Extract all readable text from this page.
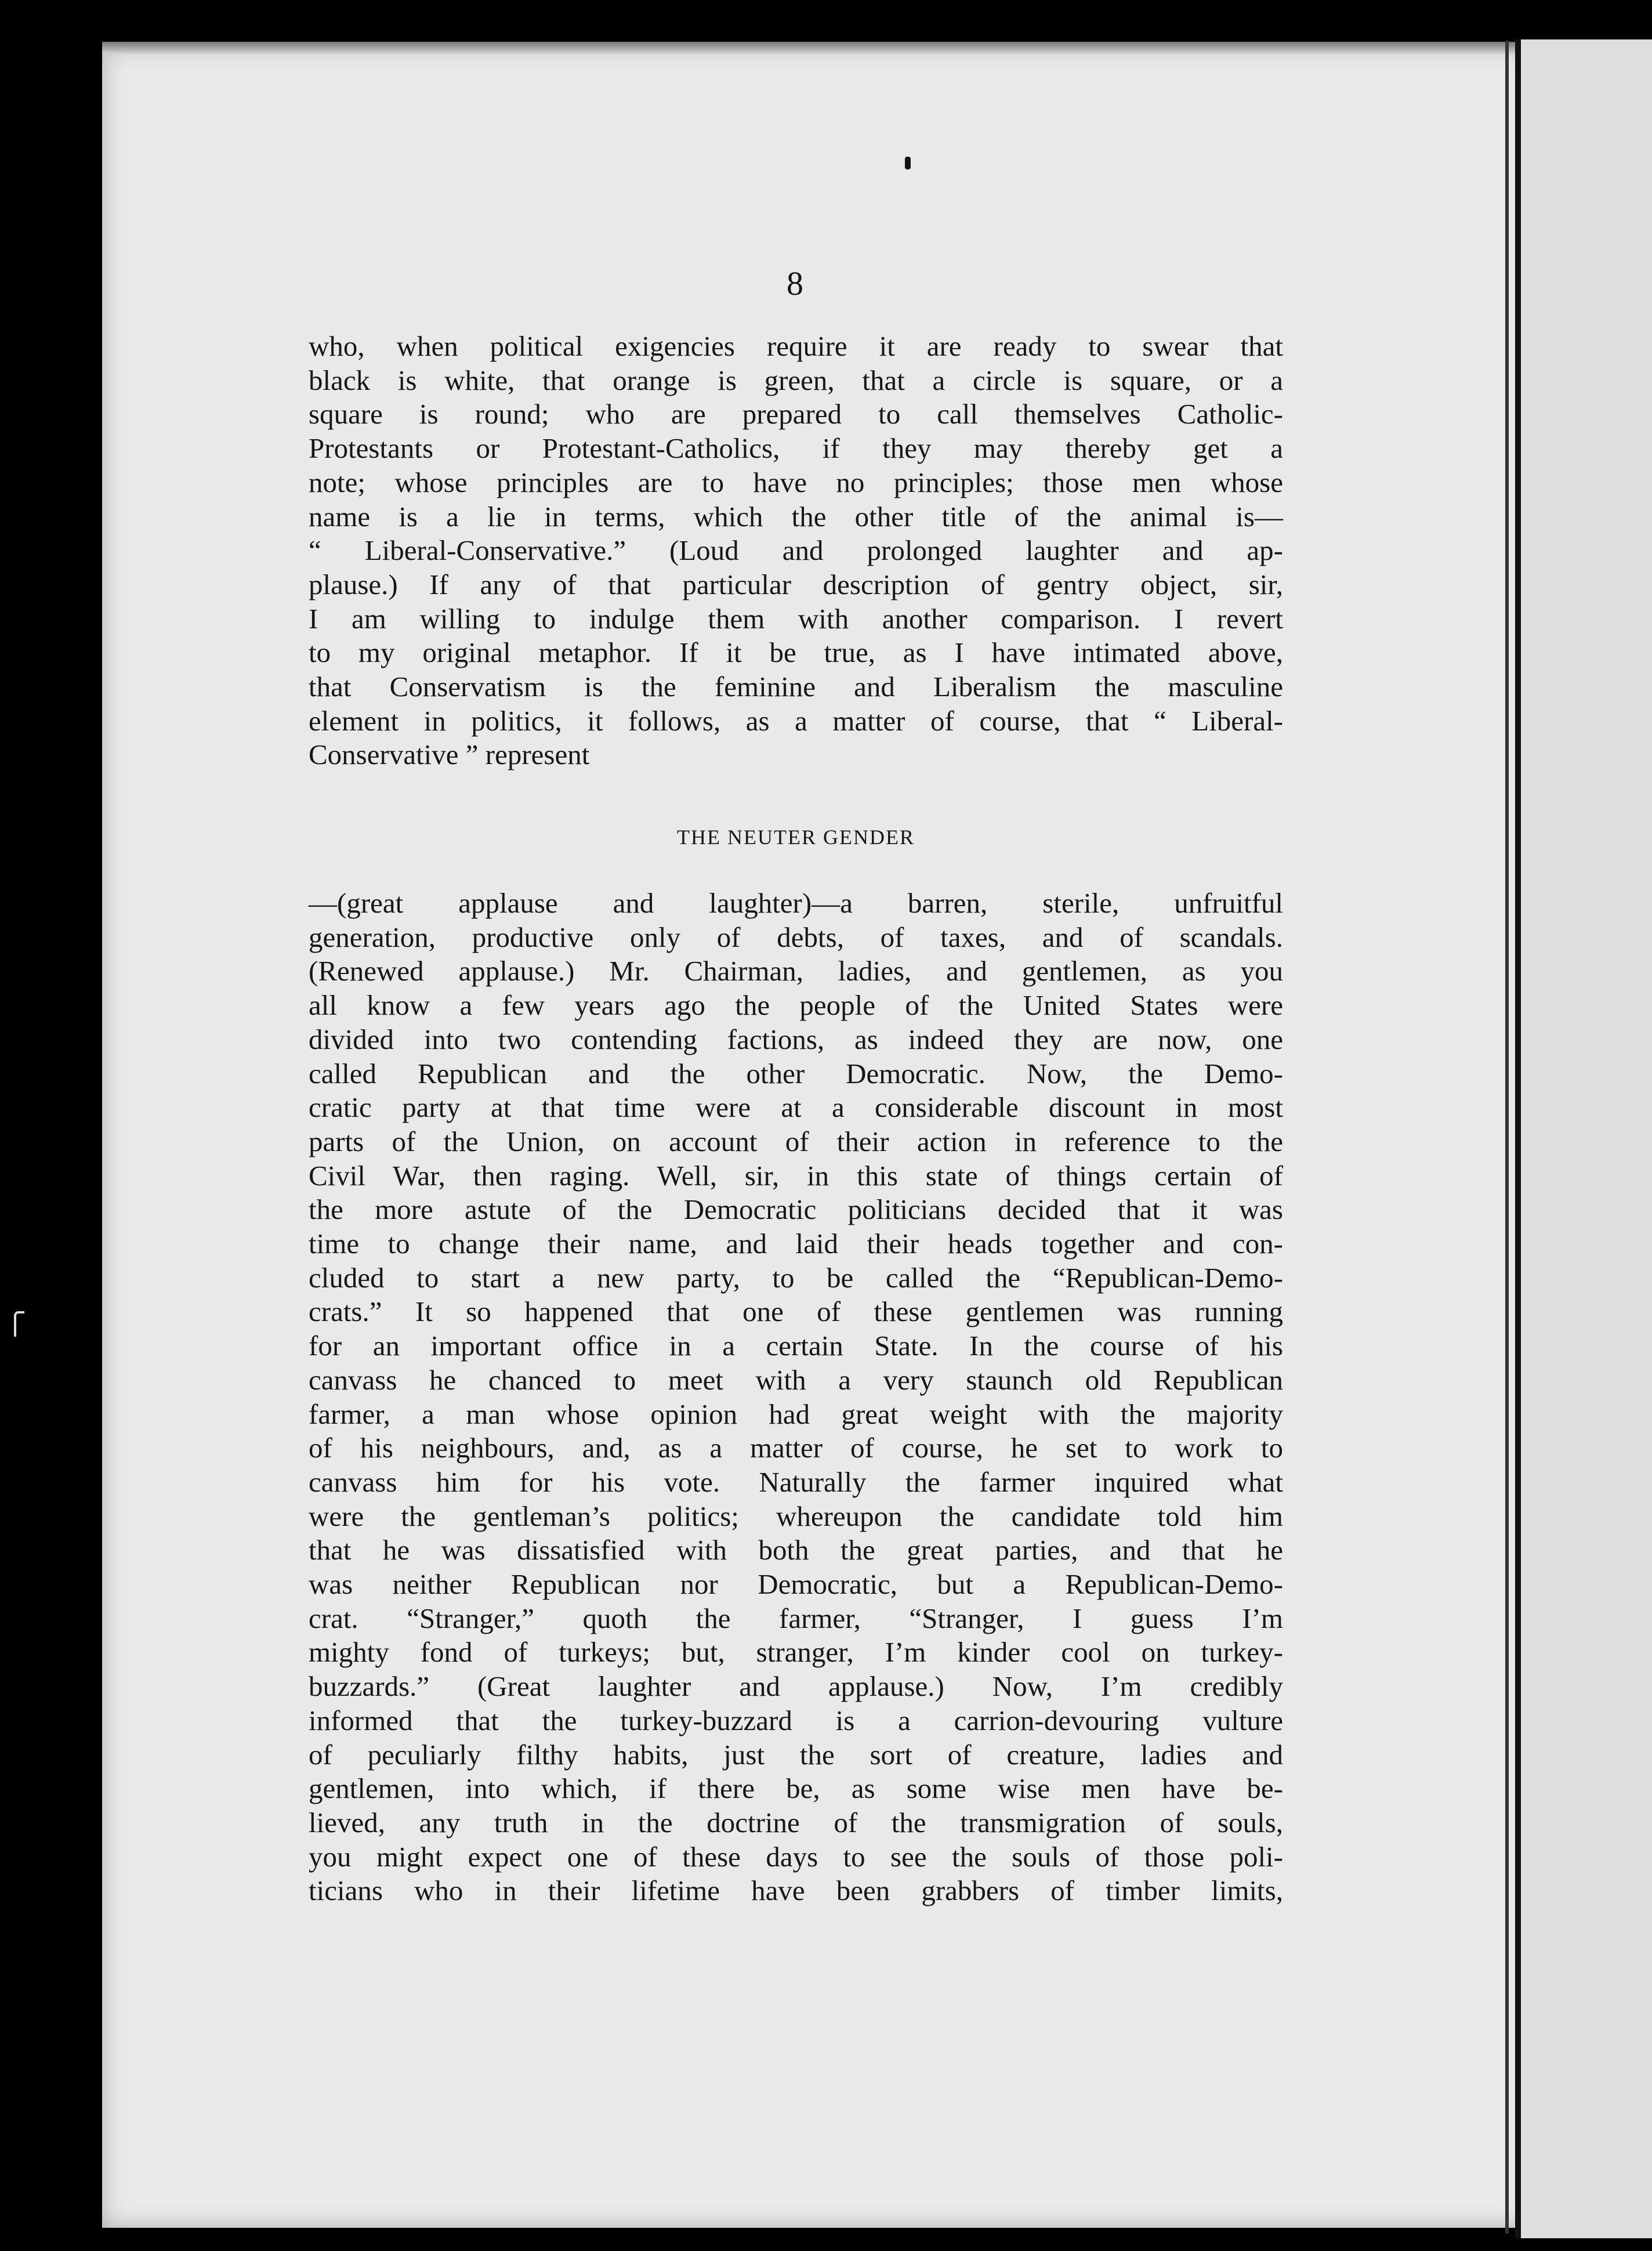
8
who, when political exigencies require it are ready to swear that
black is white, that orange is green, that a circle is square, or a
square is round; who are prepared to call themselves Catholic-
Protestants or Protestant-Catholics, if they may thereby get a
note; whose principles are to have no principles; those men whose
name is a lie in terms, which the other title of the animal is—
“ Liberal-Conservative.” (Loud and prolonged laughter and ap-
plause.) If any of that particular description of gentry object, sir,
I am willing to indulge them with another comparison. I revert
to my original metaphor. If it be true, as I have intimated above,
that Conservatism is the feminine and Liberalism the masculine
element in politics, it follows, as a matter of course, that “ Liberal-
Conservative ” represent
THE NEUTER GENDER
—(great applause and laughter)—a barren, sterile, unfruitful
generation, productive only of debts, of taxes, and of scandals.
(Renewed applause.) Mr. Chairman, ladies, and gentlemen, as you
all know a few years ago the people of the United States were
divided into two contending factions, as indeed they are now, one
called Republican and the other Democratic. Now, the Demo-
cratic party at that time were at a considerable discount in most
parts of the Union, on account of their action in reference to the
Civil War, then raging. Well, sir, in this state of things certain of
the more astute of the Democratic politicians decided that it was
time to change their name, and laid their heads together and con-
cluded to start a new party, to be called the “Republican-Demo-
crats.” It so happened that one of these gentlemen was running
for an important office in a certain State. In the course of his
canvass he chanced to meet with a very staunch old Republican
farmer, a man whose opinion had great weight with the majority
of his neighbours, and, as a matter of course, he set to work to
canvass him for his vote. Naturally the farmer inquired what
were the gentleman’s politics; whereupon the candidate told him
that he was dissatisfied with both the great parties, and that he
was neither Republican nor Democratic, but a Republican-Demo-
crat. “Stranger,” quoth the farmer, “Stranger, I guess I’m
mighty fond of turkeys; but, stranger, I’m kinder cool on turkey-
buzzards.” (Great laughter and applause.) Now, I’m credibly
informed that the turkey-buzzard is a carrion-devouring vulture
of peculiarly filthy habits, just the sort of creature, ladies and
gentlemen, into which, if there be, as some wise men have be-
lieved, any truth in the doctrine of the transmigration of souls,
you might expect one of these days to see the souls of those poli-
ticians who in their lifetime have been grabbers of timber limits,
